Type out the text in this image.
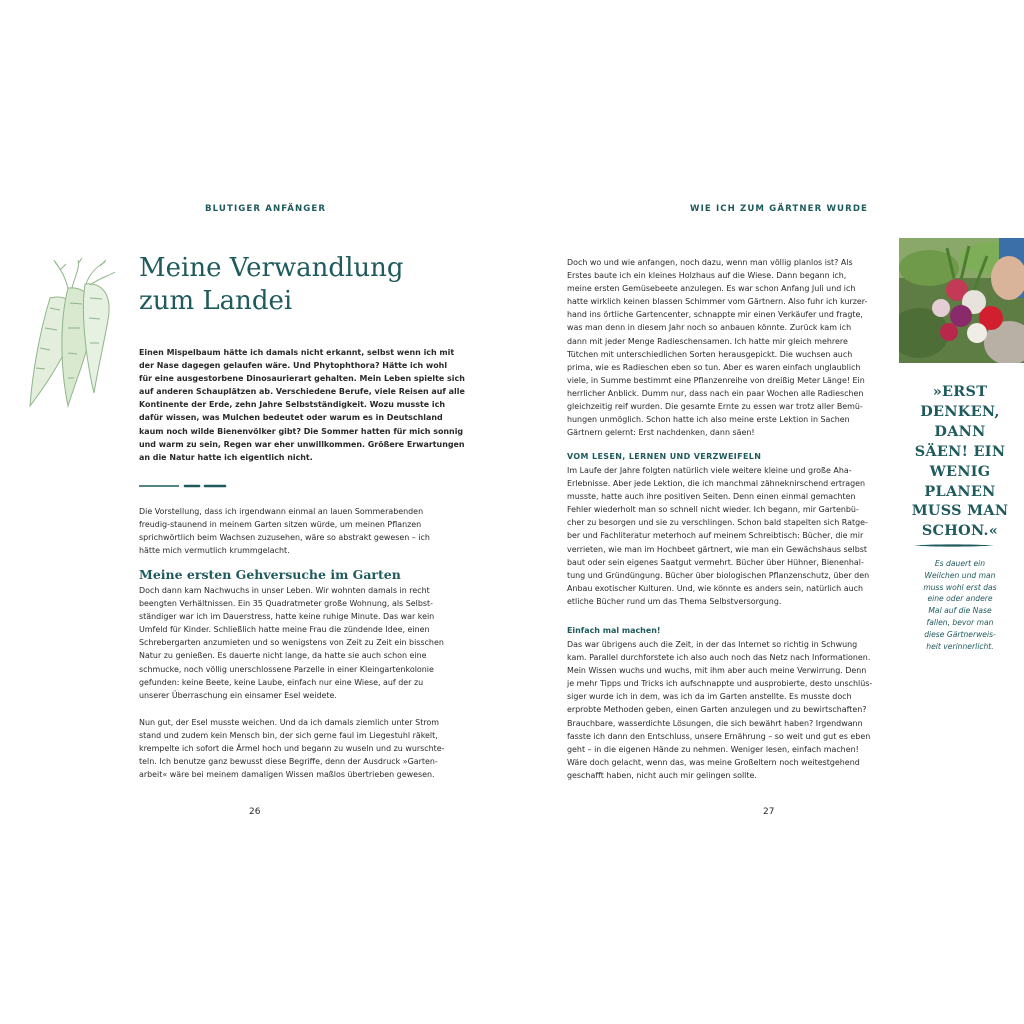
BLUTIGER ANFÄNGER
Meine Verwandlung
zum Landei
Einen Mispelbaum hätte ich damals nicht erkannt, selbst wenn ich mit
der Nase dagegen gelaufen wäre. Und Phytophthora? Hätte ich wohl
für eine ausgestorbene Dinosaurierart gehalten. Mein Leben spielte sich
auf anderen Schauplätzen ab. Verschiedene Berufe, viele Reisen auf alle
Kontinente der Erde, zehn Jahre Selbstständigkeit. Wozu musste ich
dafür wissen, was Mulchen bedeutet oder warum es in Deutschland
kaum noch wilde Bienenvölker gibt? Die Sommer hatten für mich sonnig
und warm zu sein, Regen war eher unwillkommen. Größere Erwartungen
an die Natur hatte ich eigentlich nicht.
Die Vorstellung, dass ich irgendwann einmal an lauen Sommerabenden
freudig-staunend in meinem Garten sitzen würde, um meinen Pflanzen
sprichwörtlich beim Wachsen zuzusehen, wäre so abstrakt gewesen – ich
hätte mich vermutlich krummgelacht.
Meine ersten Gehversuche im Garten
Doch dann kam Nachwuchs in unser Leben. Wir wohnten damals in recht
beengten Verhältnissen. Ein 35 Quadratmeter große Wohnung, als Selbst-
ständiger war ich im Dauerstress, hatte keine ruhige Minute. Das war kein
Umfeld für Kinder. Schließlich hatte meine Frau die zündende Idee, einen
Schrebergarten anzumieten und so wenigstens von Zeit zu Zeit ein bisschen
Natur zu genießen. Es dauerte nicht lange, da hatte sie auch schon eine
schmucke, noch völlig unerschlossene Parzelle in einer Kleingartenkolonie
gefunden: keine Beete, keine Laube, einfach nur eine Wiese, auf der zu
unserer Überraschung ein einsamer Esel weidete.
Nun gut, der Esel musste weichen. Und da ich damals ziemlich unter Strom
stand und zudem kein Mensch bin, der sich gerne faul im Liegestuhl räkelt,
krempelte ich sofort die Ärmel hoch und begann zu wuseln und zu wurschte-
teln. Ich benutze ganz bewusst diese Begriffe, denn der Ausdruck »Garten-
arbeit« wäre bei meinem damaligen Wissen maßlos übertrieben gewesen.
26
WIE ICH ZUM GÄRTNER WURDE
Doch wo und wie anfangen, noch dazu, wenn man völlig planlos ist? Als
Erstes baute ich ein kleines Holzhaus auf die Wiese. Dann begann ich,
meine ersten Gemüsebeete anzulegen. Es war schon Anfang Juli und ich
hatte wirklich keinen blassen Schimmer vom Gärtnern. Also fuhr ich kurzer-
hand ins örtliche Gartencenter, schnappte mir einen Verkäufer und fragte,
was man denn in diesem Jahr noch so anbauen könnte. Zurück kam ich
dann mit jeder Menge Radieschensamen. Ich hatte mir gleich mehrere
Tütchen mit unterschiedlichen Sorten herausgepickt. Die wuchsen auch
prima, wie es Radieschen eben so tun. Aber es waren einfach unglaublich
viele, in Summe bestimmt eine Pflanzenreihe von dreißig Meter Länge! Ein
herrlicher Anblick. Dumm nur, dass nach ein paar Wochen alle Radieschen
gleichzeitig reif wurden. Die gesamte Ernte zu essen war trotz aller Bemü-
hungen unmöglich. Schon hatte ich also meine erste Lektion in Sachen
Gärtnern gelernt: Erst nachdenken, dann säen!
VOM LESEN, LERNEN UND VERZWEIFELN
Im Laufe der Jahre folgten natürlich viele weitere kleine und große Aha-
Erlebnisse. Aber jede Lektion, die ich manchmal zähneknirschend ertragen
musste, hatte auch ihre positiven Seiten. Denn einen einmal gemachten
Fehler wiederholt man so schnell nicht wieder. Ich begann, mir Gartenbü-
cher zu besorgen und sie zu verschlingen. Schon bald stapelten sich Ratge-
ber und Fachliteratur meterhoch auf meinem Schreibtisch: Bücher, die mir
verrieten, wie man im Hochbeet gärtnert, wie man ein Gewächshaus selbst
baut oder sein eigenes Saatgut vermehrt. Bücher über Hühner, Bienenhal-
tung und Gründüngung. Bücher über biologischen Pflanzenschutz, über den
Anbau exotischer Kulturen. Und, wie könnte es anders sein, natürlich auch
etliche Bücher rund um das Thema Selbstversorgung.
Einfach mal machen!
Das war übrigens auch die Zeit, in der das Internet so richtig in Schwung
kam. Parallel durchforstete ich also auch noch das Netz nach Informationen.
Mein Wissen wuchs und wuchs, mit ihm aber auch meine Verwirrung. Denn
je mehr Tipps und Tricks ich aufschnappte und ausprobierte, desto unschlüs-
siger wurde ich in dem, was ich da im Garten anstellte. Es musste doch
erprobte Methoden geben, einen Garten anzulegen und zu bewirtschaften?
Brauchbare, wasserdichte Lösungen, die sich bewährt haben? Irgendwann
fasste ich dann den Entschluss, unsere Ernährung – so weit und gut es eben
geht – in die eigenen Hände zu nehmen. Weniger lesen, einfach machen!
Wäre doch gelacht, wenn das, was meine Großeltern noch weitestgehend
geschafft haben, nicht auch mir gelingen sollte.
27
»ERST
DENKEN,
DANN
SÄEN! EIN
WENIG
PLANEN
MUSS MAN
SCHON.«
Es dauert ein
Weilchen und man
muss wohl erst das
eine oder andere
Mal auf die Nase
fallen, bevor man
diese Gärtnerweis-
heit verinnerlicht.
